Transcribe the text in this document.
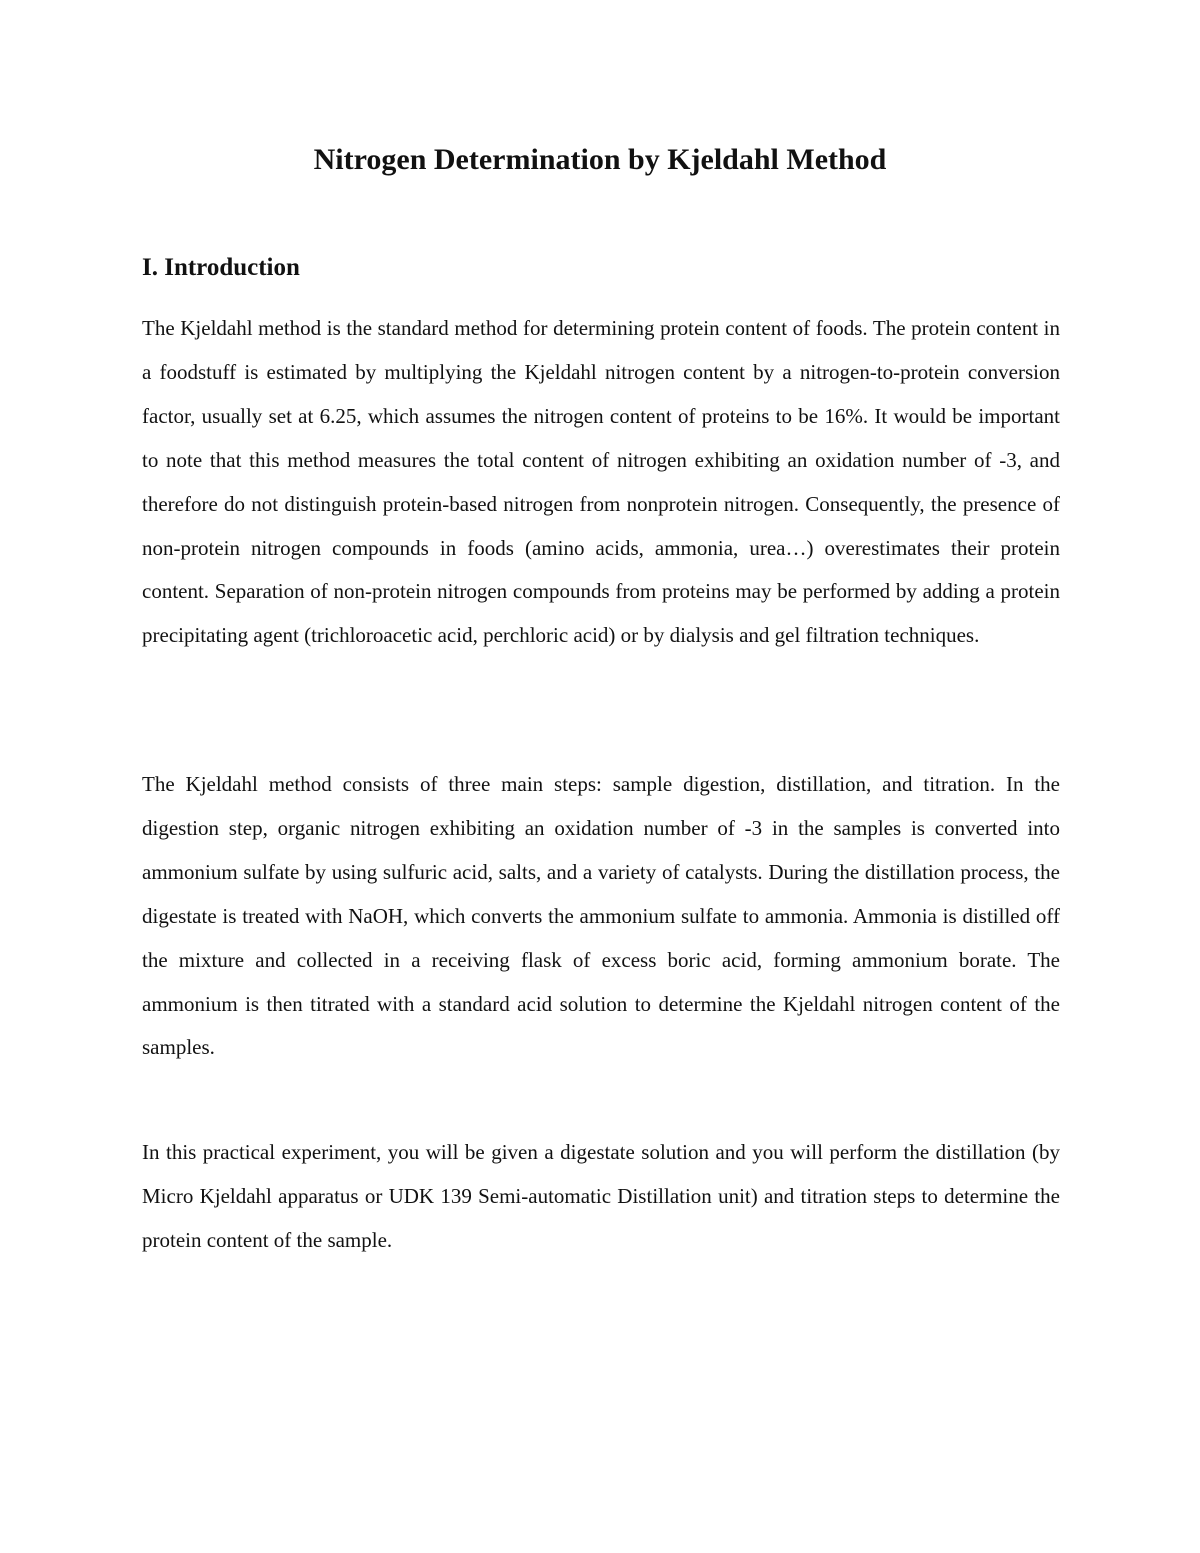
Nitrogen Determination by Kjeldahl Method
I. Introduction

The Kjeldahl method is the standard method for determining protein content of foods. The protein content in a foodstuff is estimated by multiplying the Kjeldahl nitrogen content by a nitrogen-to-protein conversion factor, usually set at 6.25, which assumes the nitrogen content of proteins to be 16%. It would be important to note that this method measures the total content of nitrogen exhibiting an oxidation number of -3, and therefore do not distinguish protein-based nitrogen from nonprotein nitrogen. Consequently, the presence of non-protein nitrogen compounds in foods (amino acids, ammonia, urea…) overestimates their protein content. Separation of non-protein nitrogen compounds from proteins may be performed by adding a protein precipitating agent (trichloroacetic acid, perchloric acid) or by dialysis and gel filtration techniques.

The Kjeldahl method consists of three main steps: sample digestion, distillation, and titration. In the digestion step, organic nitrogen exhibiting an oxidation number of -3 in the samples is converted into ammonium sulfate by using sulfuric acid, salts, and a variety of catalysts. During the distillation process, the digestate is treated with NaOH, which converts the ammonium sulfate to ammonia. Ammonia is distilled off the mixture and collected in a receiving flask of excess boric acid, forming ammonium borate. The ammonium is then titrated with a standard acid solution to determine the Kjeldahl nitrogen content of the samples.

In this practical experiment, you will be given a digestate solution and you will perform the distillation (by Micro Kjeldahl apparatus or UDK 139 Semi-automatic Distillation unit) and titration steps to determine the protein content of the sample.
